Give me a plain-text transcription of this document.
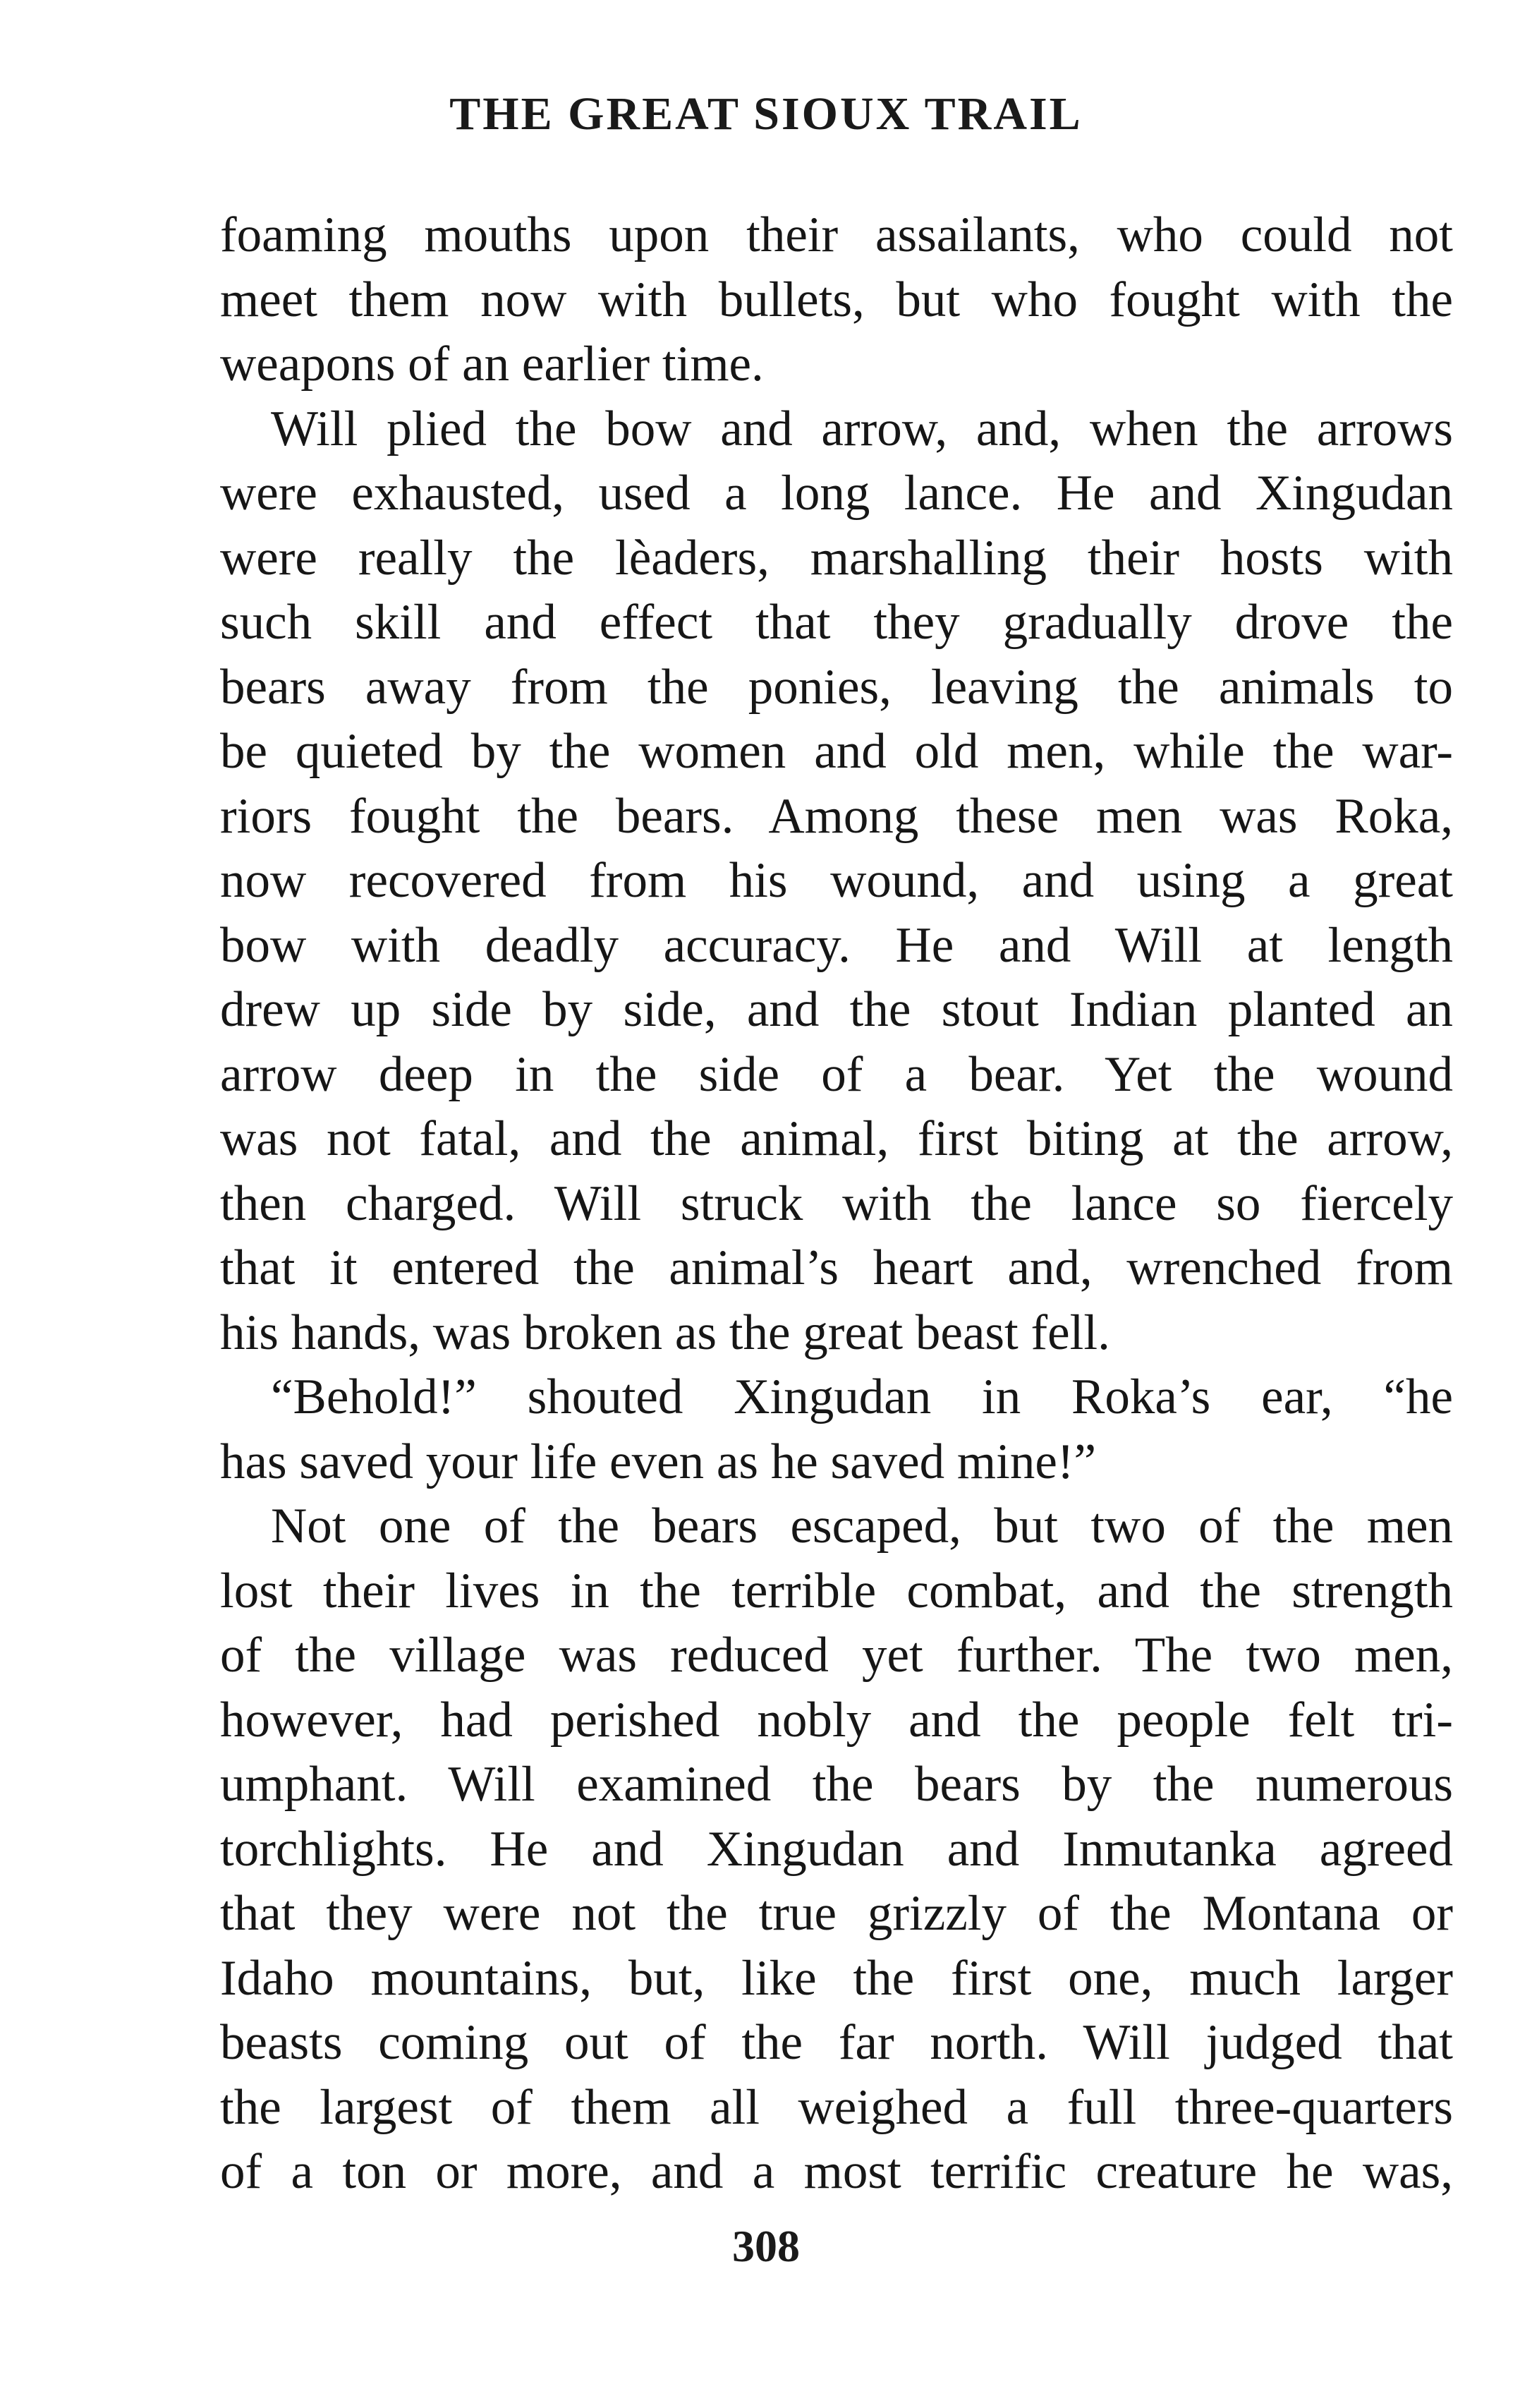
THE GREAT SIOUX TRAIL
foaming mouths upon their assailants, who could not
meet them now with bullets, but who fought with the
weapons of an earlier time.
Will plied the bow and arrow, and, when the arrows
were exhausted, used a long lance. He and Xingudan
were really the lèaders, marshalling their hosts with
such skill and effect that they gradually drove the
bears away from the ponies, leaving the animals to
be quieted by the women and old men, while the war-
riors fought the bears. Among these men was Roka,
now recovered from his wound, and using a great
bow with deadly accuracy. He and Will at length
drew up side by side, and the stout Indian planted an
arrow deep in the side of a bear. Yet the wound
was not fatal, and the animal, first biting at the arrow,
then charged. Will struck with the lance so fiercely
that it entered the animal’s heart and, wrenched from
his hands, was broken as the great beast fell.
“Behold!” shouted Xingudan in Roka’s ear, “he
has saved your life even as he saved mine!”
Not one of the bears escaped, but two of the men
lost their lives in the terrible combat, and the strength
of the village was reduced yet further. The two men,
however, had perished nobly and the people felt tri-
umphant. Will examined the bears by the numerous
torchlights. He and Xingudan and Inmutanka agreed
that they were not the true grizzly of the Montana or
Idaho mountains, but, like the first one, much larger
beasts coming out of the far north. Will judged that
the largest of them all weighed a full three-quarters
of a ton or more, and a most terrific creature he was,
308
